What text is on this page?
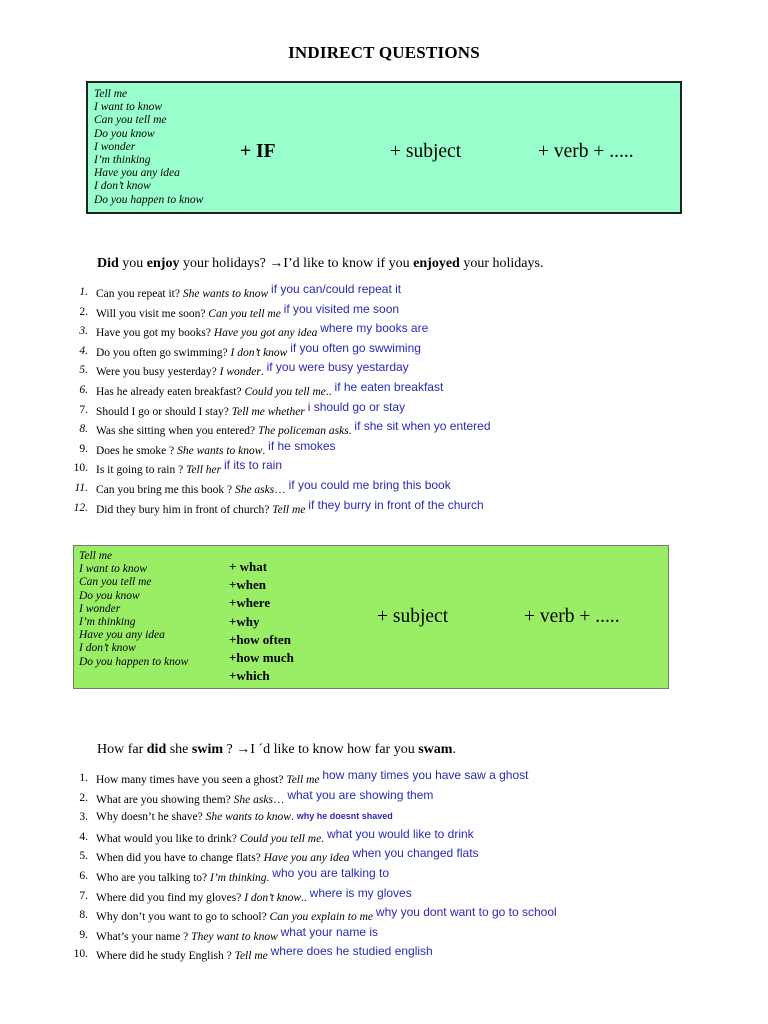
INDIRECT QUESTIONS
Tell me
I want to know
Can you tell me
Do you know
I wonder
I’m thinking
Have you any idea
I don’t know
Do you happen to know
+ IF	+ subject	+ verb + .....
Did you enjoy your holidays? →I’d like to know if you enjoyed your holidays.
1. Can you repeat it? She wants to know if you can/could repeat it
2. Will you visit me soon? Can you tell me if you visited me soon
3. Have you got my books? Have you got any idea where my books are
4. Do you often go swimming? I don’t know if you often go swwiming
5. Were you busy yesterday? I wonder. if you were busy yestarday
6. Has he already eaten breakfast? Could you tell me.. if he eaten breakfast
7. Should I go or should I stay? Tell me whether i should go or stay
8. Was she sitting when you entered? The policeman asks. if she sit when yo entered
9. Does he smoke ? She wants to know. if he smokes
10. Is it going to rain ? Tell her if its to rain
11. Can you bring me this book ? She asks… if you could me bring this book
12. Did they bury him in front of church? Tell me if they burry in front of the church
Tell me
I want to know
Can you tell me
Do you know
I wonder
I’m thinking
Have you any idea
I don’t know
Do you happen to know
+ what
+when
+where
+why
+how often
+how much
+which
+ subject	+ verb + .....
How far did she swim ? →I ´d like to know how far you swam.
1. How many times have you seen a ghost? Tell me how many times you have saw a ghost
2. What are you showing them? She asks… what you are showing them
3. Why doesn’t he shave? She wants to know. why he doesnt shaved
4. What would you like to drink? Could you tell me. what you would like to drink
5. When did you have to change flats? Have you any idea when you changed flats
6. Who are you talking to? I’m thinking. who you are talking to
7. Where did you find my gloves? I don’t know.. where is my gloves
8. Why don’t you want to go to school? Can you explain to me why you dont want to go to school
9. What’s your name ? They want to know what your name is
10. Where did he study English ? Tell me where does he studied english
